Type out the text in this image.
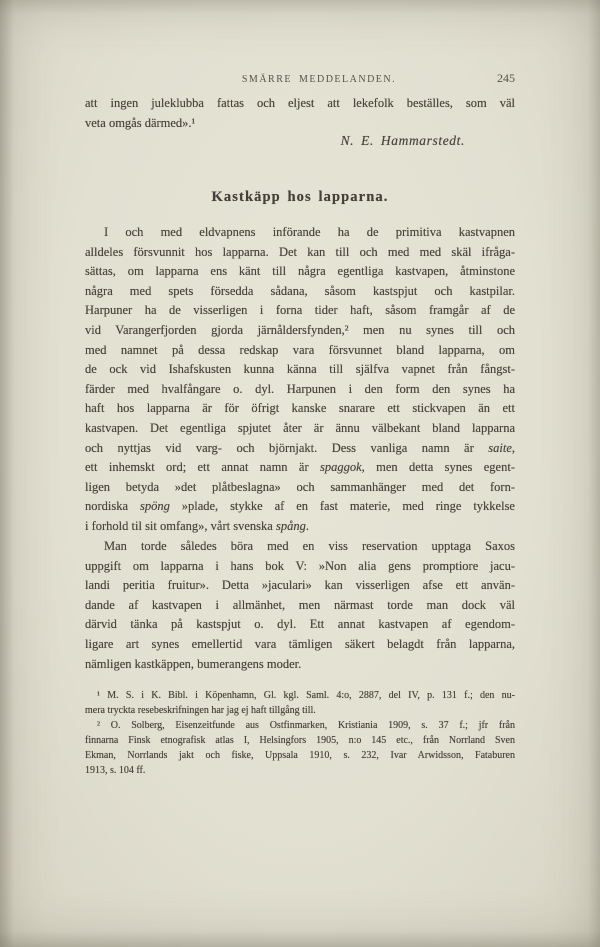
SMÄRRE MEDDELANDEN.	245
att ingen juleklubba fattas och eljest att lekefolk beställes, som väl
veta omgås därmed».¹
N. E. Hammarstedt.
Kastkäpp hos lapparna.
I och med eldvapnens införande ha de primitiva kastvapnen
alldeles försvunnit hos lapparna. Det kan till och med med skäl ifråga-
sättas, om lapparna ens känt till några egentliga kastvapen, åtminstone
några med spets försedda sådana, såsom kastspjut och kastpilar.
Harpuner ha de visserligen i forna tider haft, såsom framgår af de
vid Varangerfjorden gjorda järnåldersfynden,² men nu synes till och
med namnet på dessa redskap vara försvunnet bland lapparna, om
de ock vid Ishafskusten kunna känna till själfva vapnet från fångst-
färder med hvalfångare o. dyl. Harpunen i den form den synes ha
haft hos lapparna är för öfrigt kanske snarare ett stickvapen än ett
kastvapen. Det egentliga spjutet åter är ännu välbekant bland lapparna
och nyttjas vid varg- och björnjakt. Dess vanliga namn är saite,
ett inhemskt ord; ett annat namn är spaggok, men detta synes egent-
ligen betyda »det plåtbeslagna» och sammanhänger med det forn-
nordiska spöng »plade, stykke af en fast materie, med ringe tykkelse
i forhold til sit omfang», vårt svenska spång.
Man torde således böra med en viss reservation upptaga Saxos
uppgift om lapparna i hans bok V: »Non alia gens promptiore jacu-
landi peritia fruitur». Detta »jaculari» kan visserligen afse ett använ-
dande af kastvapen i allmänhet, men närmast torde man dock väl
därvid tänka på kastspjut o. dyl. Ett annat kastvapen af egendom-
ligare art synes emellertid vara tämligen säkert belagdt från lapparna,
nämligen kastkäppen, bumerangens moder.
¹ M. S. i K. Bibl. i Köpenhamn, Gl. kgl. Saml. 4:o, 2887, del IV, p. 131 f.; den nu-
mera tryckta resebeskrifningen har jag ej haft tillgång till.
² O. Solberg, Eisenzeitfunde aus Ostfinmarken, Kristiania 1909, s. 37 f.; jfr från
finnarna Finsk etnografisk atlas I, Helsingfors 1905, n:o 145 etc., från Norrland Sven
Ekman, Norrlands jakt och fiske, Uppsala 1910, s. 232, Ivar Arwidsson, Fataburen
1913, s. 104 ff.
